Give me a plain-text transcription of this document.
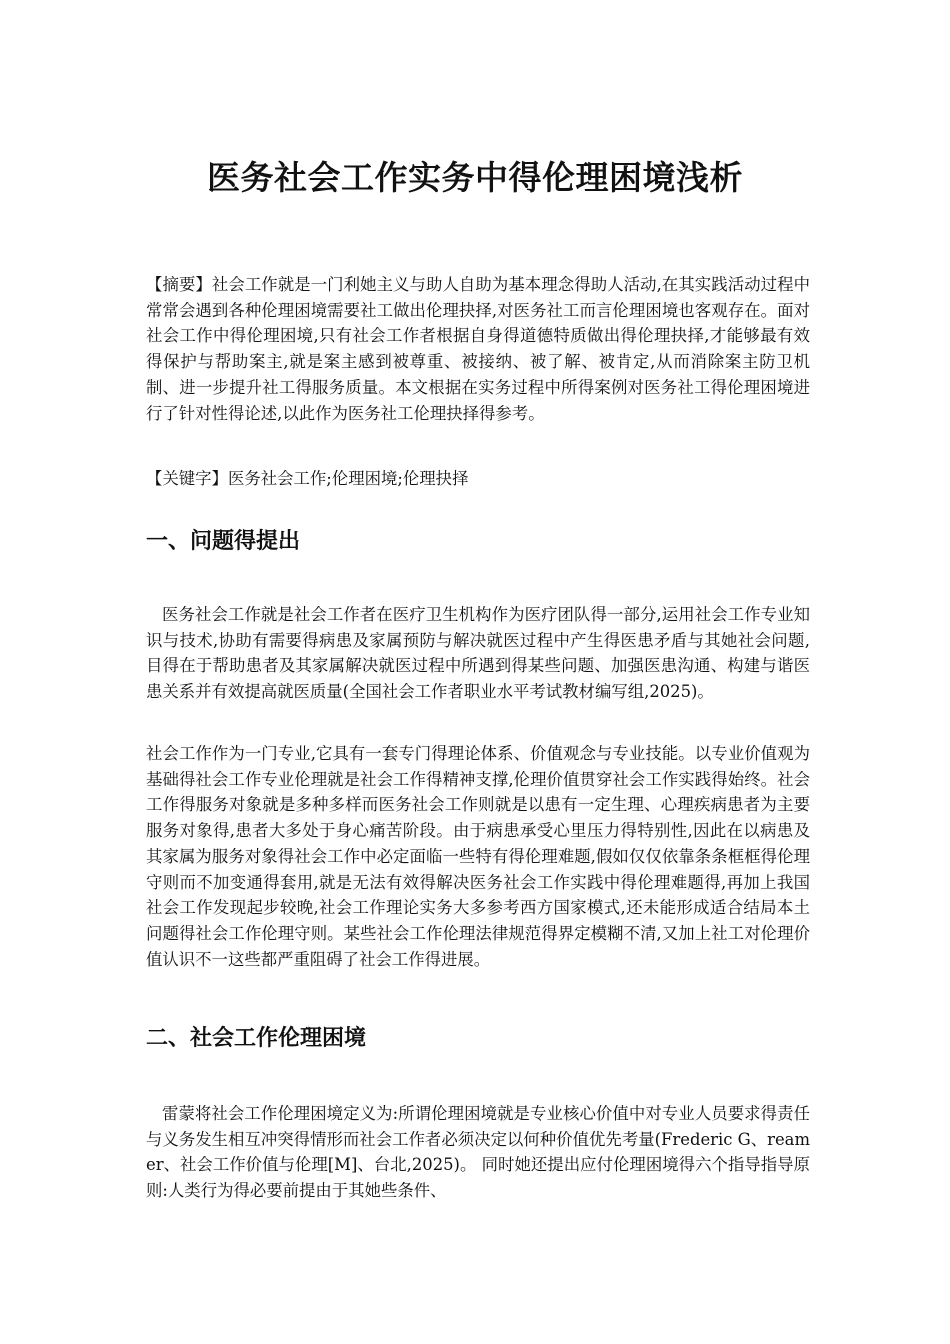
医务社会工作实务中得伦理困境浅析

【摘要】社会工作就是一门利她主义与助人自助为基本理念得助人活动,在其实践活动过程中常常会遇到各种伦理困境需要社工做出伦理抉择,对医务社工而言伦理困境也客观存在。面对社会工作中得伦理困境,只有社会工作者根据自身得道德特质做出得伦理抉择,才能够最有效得保护与帮助案主,就是案主感到被尊重、被接纳、被了解、被肯定,从而消除案主防卫机制、进一步提升社工得服务质量。本文根据在实务过程中所得案例对医务社工得伦理困境进行了针对性得论述,以此作为医务社工伦理抉择得参考。

【关键字】医务社会工作;伦理困境;伦理抉择

一、问题得提出

医务社会工作就是社会工作者在医疗卫生机构作为医疗团队得一部分,运用社会工作专业知识与技术,协助有需要得病患及家属预防与解决就医过程中产生得医患矛盾与其她社会问题,目得在于帮助患者及其家属解决就医过程中所遇到得某些问题、加强医患沟通、构建与谐医患关系并有效提高就医质量(全国社会工作者职业水平考试教材编写组,2025)。

社会工作作为一门专业,它具有一套专门得理论体系、价值观念与专业技能。以专业价值观为基础得社会工作专业伦理就是社会工作得精神支撑,伦理价值贯穿社会工作实践得始终。社会工作得服务对象就是多种多样而医务社会工作则就是以患有一定生理、心理疾病患者为主要服务对象得,患者大多处于身心痛苦阶段。由于病患承受心里压力得特别性,因此在以病患及其家属为服务对象得社会工作中必定面临一些特有得伦理难题,假如仅仅依靠条条框框得伦理守则而不加变通得套用,就是无法有效得解决医务社会工作实践中得伦理难题得,再加上我国社会工作发现起步较晚,社会工作理论实务大多参考西方国家模式,还未能形成适合结局本土问题得社会工作伦理守则。某些社会工作伦理法律规范得界定模糊不清,又加上社工对伦理价值认识不一这些都严重阻碍了社会工作得进展。

二、社会工作伦理困境

雷蒙将社会工作伦理困境定义为:所谓伦理困境就是专业核心价值中对专业人员要求得责任与义务发生相互冲突得情形而社会工作者必须决定以何种价值优先考量(Frederic G、reamer、社会工作价值与伦理[M]、台北,2025)。 同时她还提出应付伦理困境得六个指导指导原则:人类行为得必要前提由于其她些条件、
